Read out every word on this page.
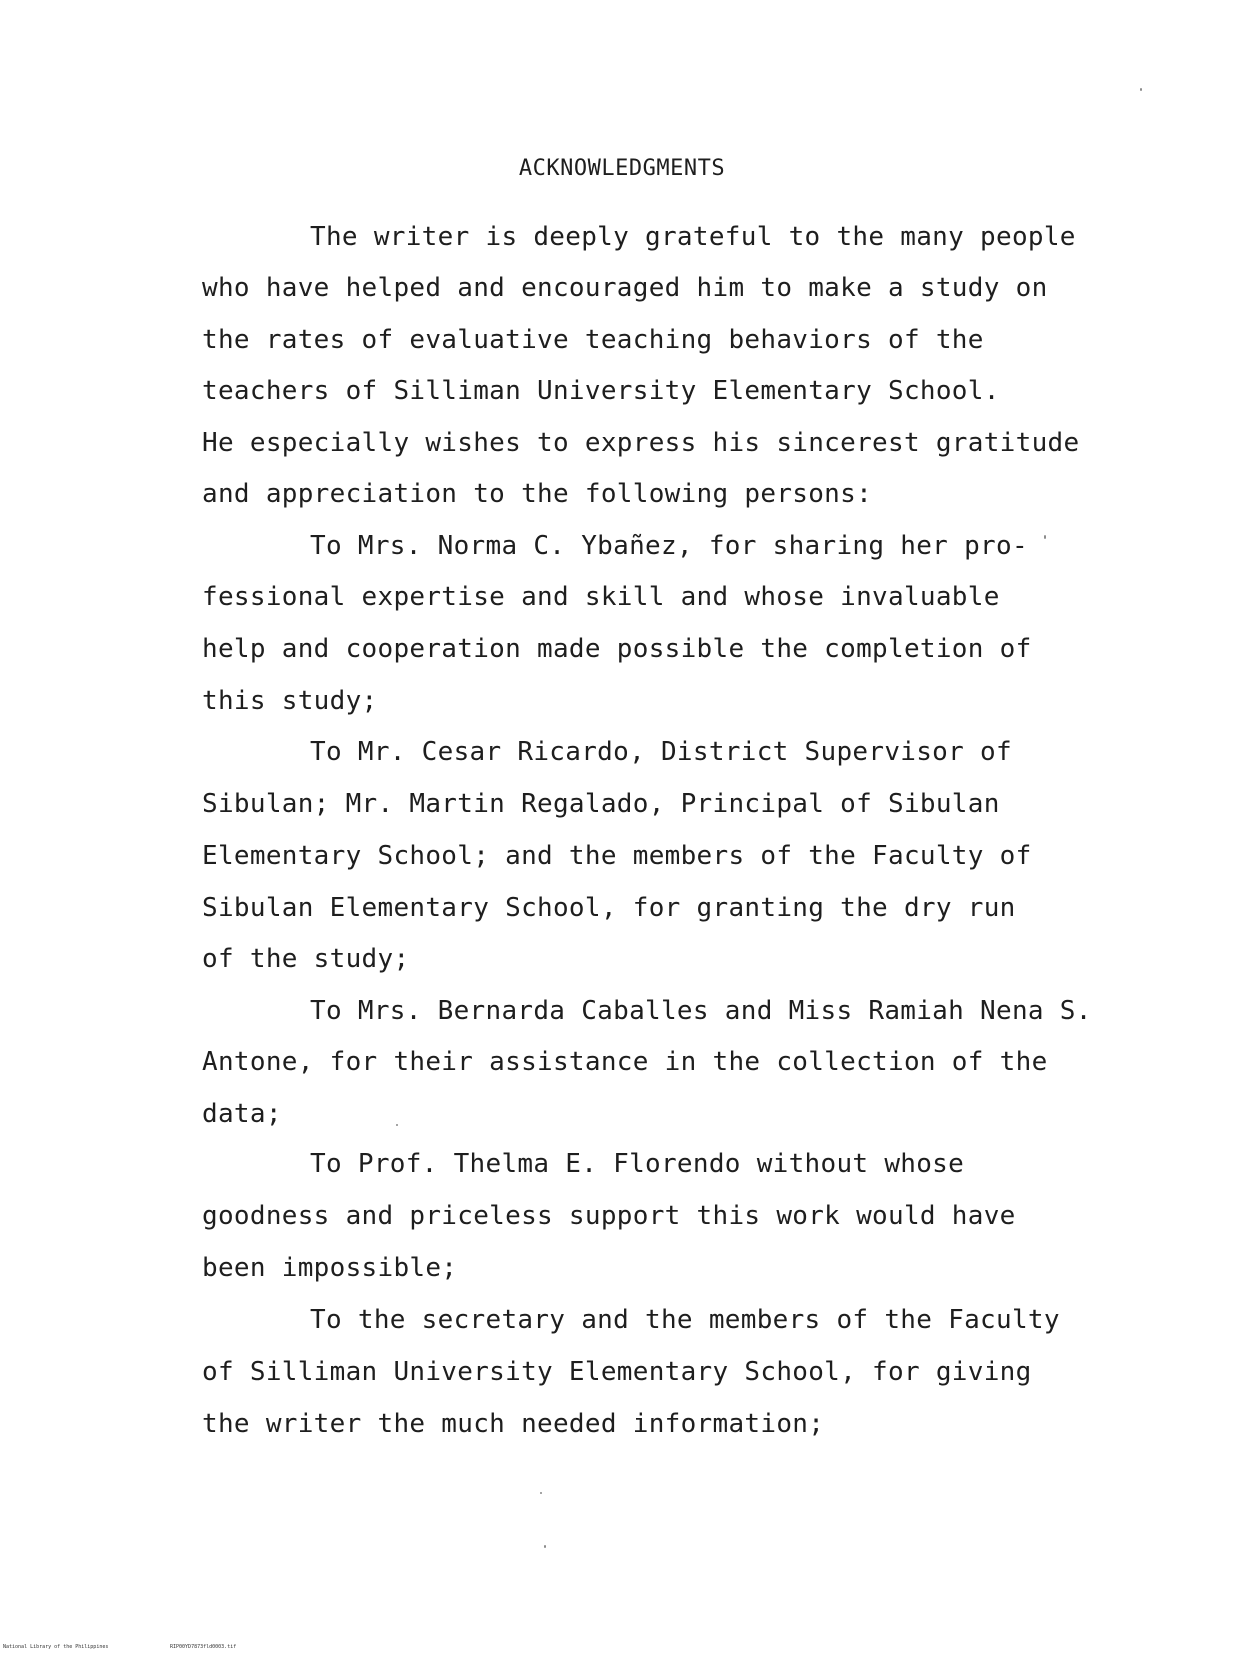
ACKNOWLEDGMENTS
The writer is deeply grateful to the many people
who have helped and encouraged him to make a study on
the rates of evaluative teaching behaviors of the
teachers of Silliman University Elementary School.
He especially wishes to express his sincerest gratitude
and appreciation to the following persons:
To Mrs. Norma C. Ybañez, for sharing her pro-
fessional expertise and skill and whose invaluable
help and cooperation made possible the completion of
this study;
To Mr. Cesar Ricardo, District Supervisor of
Sibulan; Mr. Martin Regalado, Principal of Sibulan
Elementary School; and the members of the Faculty of
Sibulan Elementary School, for granting the dry run
of the study;
To Mrs. Bernarda Caballes and Miss Ramiah Nena S.
Antone, for their assistance in the collection of the
data;
To Prof. Thelma E. Florendo without whose
goodness and priceless support this work would have
been impossible;
To the secretary and the members of the Faculty
of Silliman University Elementary School, for giving
the writer the much needed information;
National Library of the Philippines	RIP00YD7873fld0003.tif
